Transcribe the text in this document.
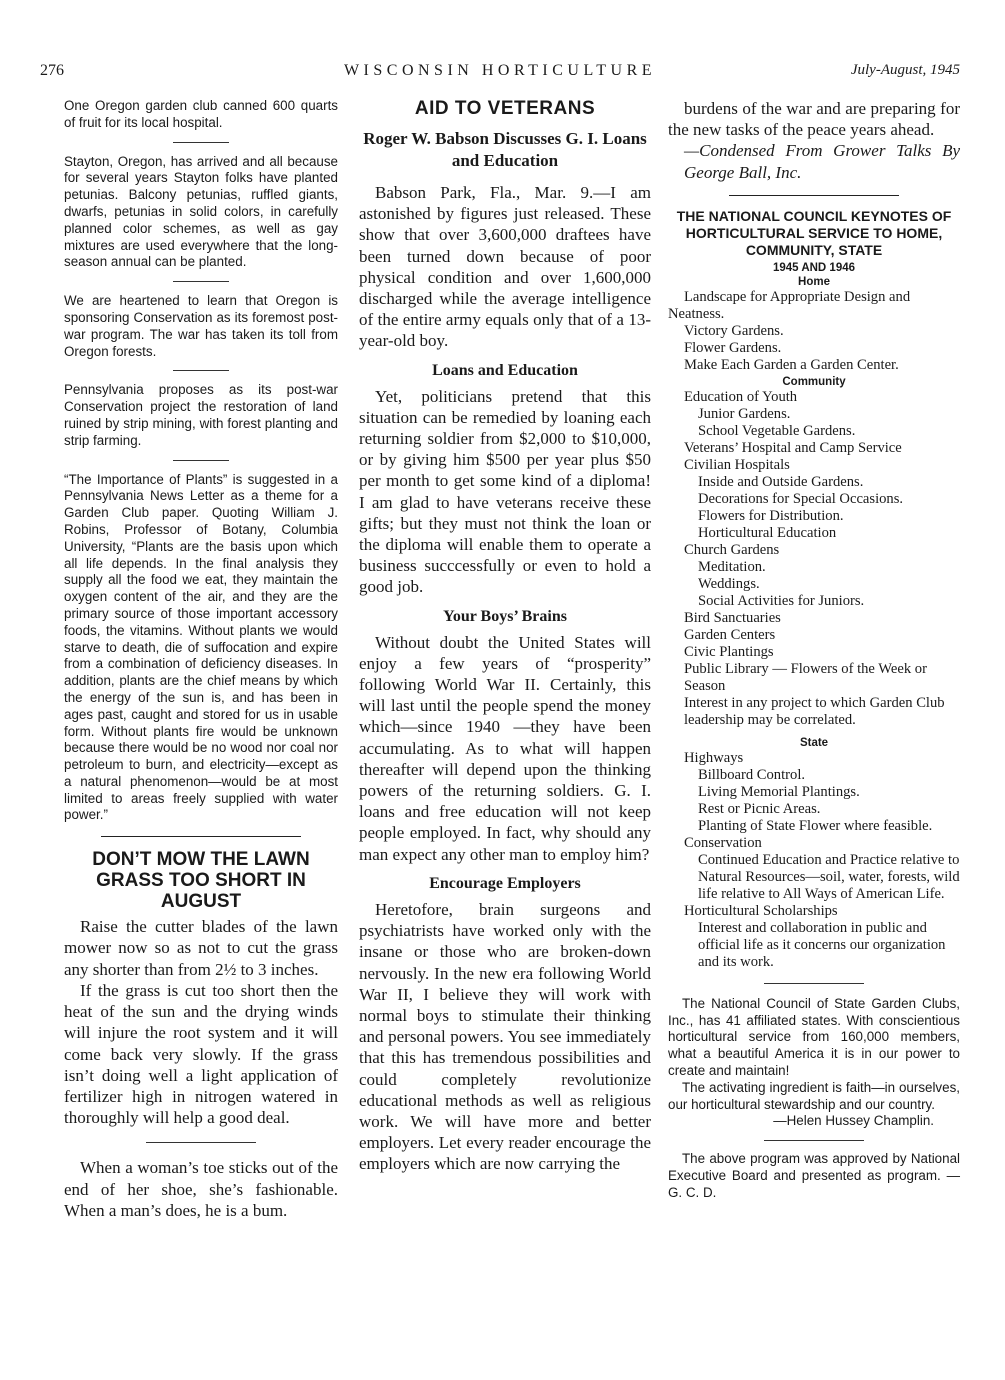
276	WISCONSIN HORTICULTURE	July-August, 1945

One Oregon garden club canned 600 quarts of fruit for its local hospital.

Stayton, Oregon, has arrived and all because for several years Stayton folks have planted petunias. Balcony petunias, ruffled giants, dwarfs, petunias in solid colors, in carefully planned color schemes, as well as gay mixtures are used everywhere that the long-season annual can be planted.

We are heartened to learn that Oregon is sponsoring Conservation as its foremost post-war program. The war has taken its toll from Oregon forests.

Pennsylvania proposes as its post-war Conservation project the restoration of land ruined by strip mining, with forest planting and strip farming.

“The Importance of Plants” is suggested in a Pennsylvania News Letter as a theme for a Garden Club paper. Quoting William J. Robins, Professor of Botany, Columbia University, “Plants are the basis upon which all life depends. In the final analysis they supply all the food we eat, they maintain the oxygen content of the air, and they are the primary source of those important accessory foods, the vitamins. Without plants we would starve to death, die of suffocation and expire from a combination of deficiency diseases. In addition, plants are the chief means by which the energy of the sun is, and has been in ages past, caught and stored for us in usable form. Without plants fire would be unknown because there would be no wood nor coal nor petroleum to burn, and electricity—except as a natural phenomenon—would be at most limited to areas freely supplied with water power.”

DON’T MOW THE LAWN GRASS TOO SHORT IN AUGUST

Raise the cutter blades of the lawn mower now so as not to cut the grass any shorter than from 2½ to 3 inches.

If the grass is cut too short then the heat of the sun and the drying winds will injure the root system and it will come back very slowly. If the grass isn’t doing well a light application of fertilizer high in nitrogen watered in thoroughly will help a good deal.

When a woman’s toe sticks out of the end of her shoe, she’s fashionable. When a man’s does, he is a bum.

AID TO VETERANS
Roger W. Babson Discusses G. I. Loans and Education

Babson Park, Fla., Mar. 9.—I am astonished by figures just released. These show that over 3,600,000 draftees have been turned down because of poor physical condition and over 1,600,000 discharged while the average intelligence of the entire army equals only that of a 13-year-old boy.

Loans and Education

Yet, politicians pretend that this situation can be remedied by loaning each returning soldier from $2,000 to $10,000, or by giving him $500 per year plus $50 per month to get some kind of a diploma! I am glad to have veterans receive these gifts; but they must not think the loan or the diploma will enable them to operate a business succcessfully or even to hold a good job.

Your Boys’ Brains

Without doubt the United States will enjoy a few years of “prosperity” following World War II. Certainly, this will last until the people spend the money which—since 1940 —they have been accumulating. As to what will happen thereafter will depend upon the thinking powers of the returning soldiers. G. I. loans and free education will not keep people employed. In fact, why should any man expect any other man to employ him?

Encourage Employers

Heretofore, brain surgeons and psychiatrists have worked only with the insane or those who are broken-down nervously. In the new era following World War II, I believe they will work with normal boys to stimulate their thinking and personal powers. You see immediately that this has tremendous possibilities and could completely revolutionize educational methods as well as religious work. We will have more and better employers. Let every reader encourage the employers which are now carrying the

burdens of the war and are preparing for the new tasks of the peace years ahead.

—Condensed From Grower Talks By George Ball, Inc.
THE NATIONAL COUNCIL KEYNOTES OF HORTICULTURAL SERVICE TO HOME, COMMUNITY, STATE
1945 AND 1946
Home
Landscape for Appropriate Design and Neatness.
Victory Gardens.
Flower Gardens.
Make Each Garden a Garden Center.
Community
Education of Youth
Junior Gardens.
School Vegetable Gardens.
Veterans’ Hospital and Camp Service
Civilian Hospitals
Inside and Outside Gardens.
Decorations for Special Occasions.
Flowers for Distribution.
Horticultural Education
Church Gardens
Meditation.
Weddings.
Social Activities for Juniors.
Bird Sanctuaries
Garden Centers
Civic Plantings
Public Library — Flowers of the Week or Season
Interest in any project to which Garden Club leadership may be correlated.
State
Highways
Billboard Control.
Living Memorial Plantings.
Rest or Picnic Areas.
Planting of State Flower where feasible.
Conservation
Continued Education and Practice relative to Natural Resources—soil, water, forests, wild life relative to All Ways of American Life.
Horticultural Scholarships
Interest and collaboration in public and official life as it concerns our organization and its work.

The National Council of State Garden Clubs, Inc., has 41 affiliated states. With conscientious horticultural service from 160,000 members, what a beautiful America it is in our power to create and maintain!

The activating ingredient is faith—in ourselves, our horticultural stewardship and our country.

—Helen Hussey Champlin.

The above program was approved by National Executive Board and presented as program. — G. C. D.
